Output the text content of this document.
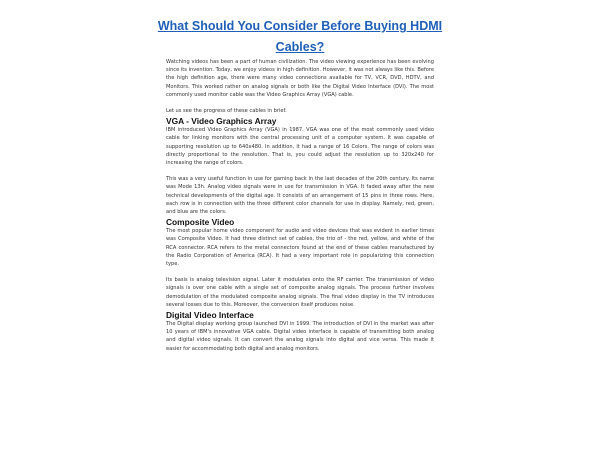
What Should You Consider Before Buying HDMI
Cables?

Watching videos has been a part of human civilization. The video viewing experience has been evolving since its invention. Today, we enjoy videos in high definition. However, it was not always like this. Before the high definition age, there were many video connections available for TV, VCR, DVD, HDTV, and Monitors. This worked rather on analog signals or both like the Digital Video Interface (DVI). The most commonly used monitor cable was the Video Graphics Array (VGA) cable.

Let us see the progress of these cables in brief.

VGA - Video Graphics Array

IBM introduced Video Graphics Array (VGA) in 1987. VGA was one of the most commonly used video cable for linking monitors with the central processing unit of a computer system. It was capable of supporting resolution up to 640x480. In addition, it had a range of 16 Colors. The range of colors was directly proportional to the resolution. That is, you could adjust the resolution up to 320x240 for increasing the range of colors.

This was a very useful function in use for gaming back in the last decades of the 20th century. Its name was Mode 13h. Analog video signals were in use for transmission in VGA. It faded away after the new technical developments of the digital age. It consists of an arrangement of 15 pins in three rows. Here, each row is in connection with the three different color channels for use in display. Namely, red, green, and blue are the colors.

Composite Video

The most popular home video component for audio and video devices that was evident in earlier times was Composite Video. It had three distinct set of cables, the trio of - the red, yellow, and white of the RCA connector. RCA refers to the metal connectors found at the end of these cables manufactured by the Radio Corporation of America (RCA). It had a very important role in popularizing this connection type.

Its basis is analog television signal. Later it modulates onto the RF carrier. The transmission of video signals is over one cable with a single set of composite analog signals. The process further involves demodulation of the modulated composite analog signals. The final video display in the TV introduces several losses due to this. Moreover, the conversion itself produces noise.

Digital Video Interface

The Digital display working group launched DVI in 1999. The introduction of DVI in the market was after 10 years of IBM's innovative VGA cable. Digital video interface is capable of transmitting both analog and digital video signals. It can convert the analog signals into digital and vice versa. This made it easier for accommodating both digital and analog monitors.
